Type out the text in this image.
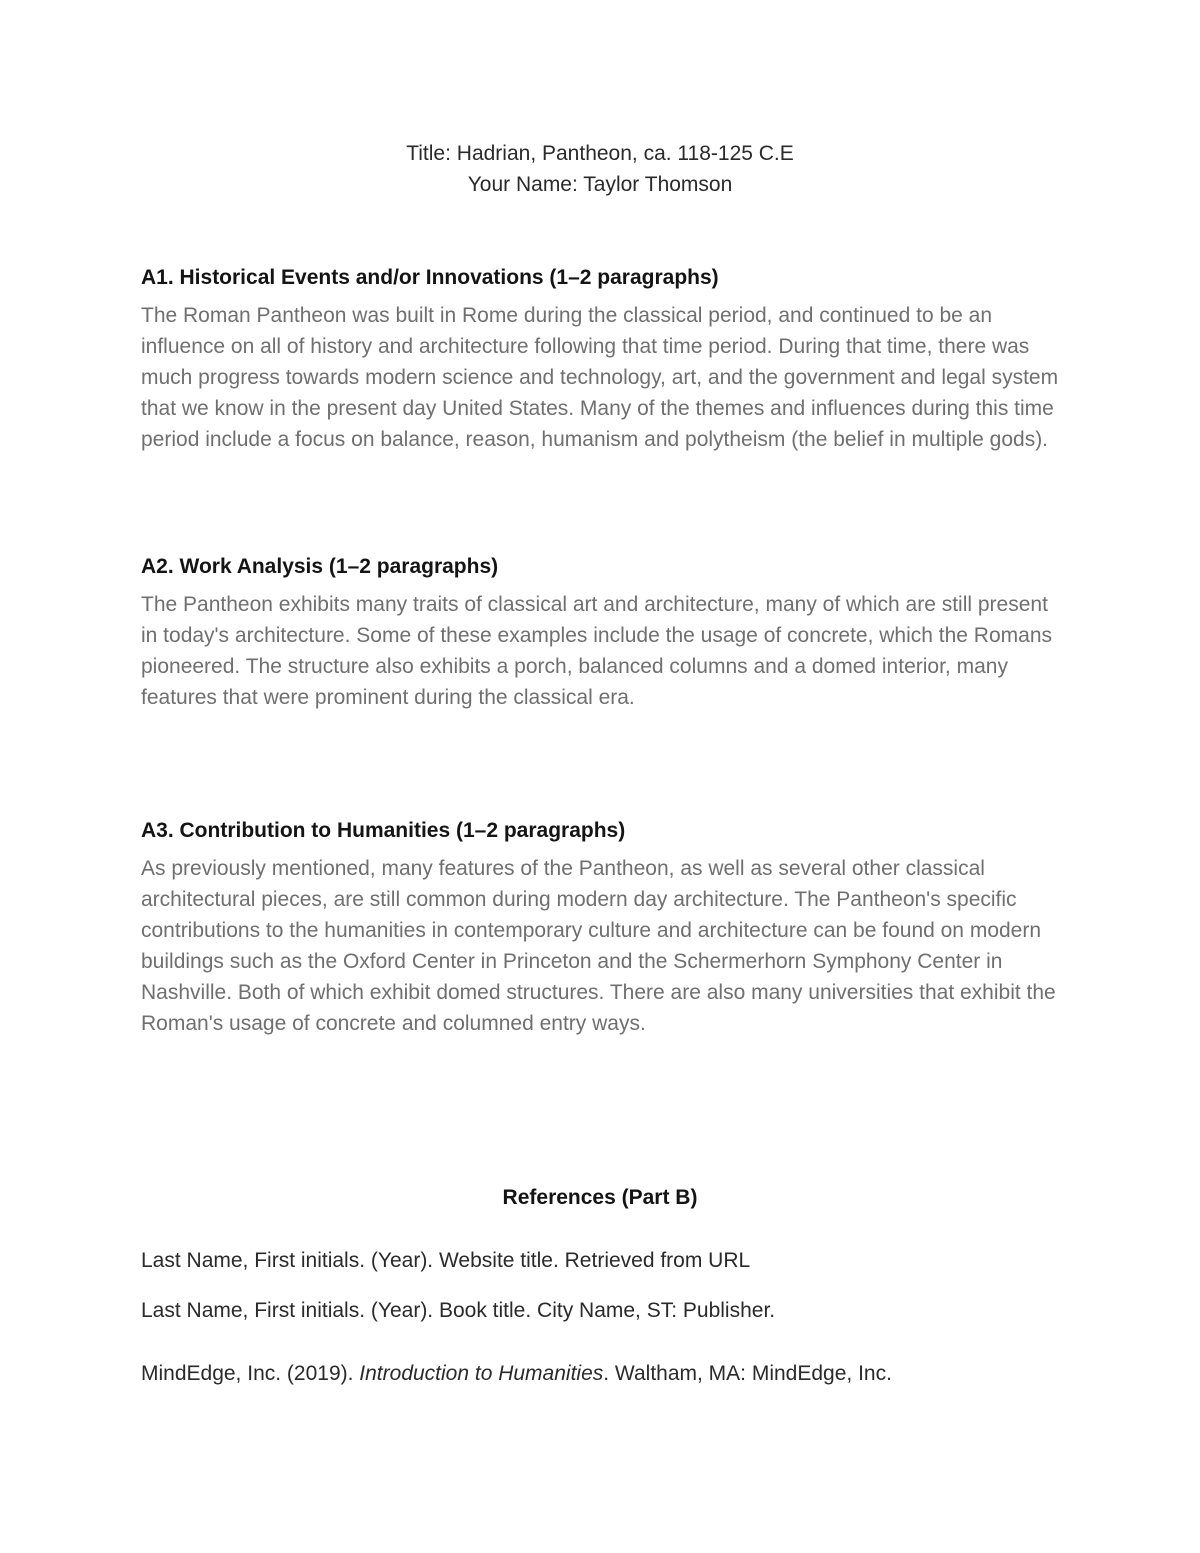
Title: Hadrian, Pantheon, ca. 118-125 C.E
Your Name: Taylor Thomson
A1. Historical Events and/or Innovations (1–2 paragraphs)

The Roman Pantheon was built in Rome during the classical period, and continued to be an influence on all of history and architecture following that time period. During that time, there was much progress towards modern science and technology, art, and the government and legal system that we know in the present day United States. Many of the themes and influences during this time period include a focus on balance, reason, humanism and polytheism (the belief in multiple gods).

A2. Work Analysis (1–2 paragraphs)

The Pantheon exhibits many traits of classical art and architecture, many of which are still present in today's architecture. Some of these examples include the usage of concrete, which the Romans pioneered. The structure also exhibits a porch, balanced columns and a domed interior, many features that were prominent during the classical era.

A3. Contribution to Humanities (1–2 paragraphs)

As previously mentioned, many features of the Pantheon, as well as several other classical architectural pieces, are still common during modern day architecture. The Pantheon's specific contributions to the humanities in contemporary culture and architecture can be found on modern buildings such as the Oxford Center in Princeton and the Schermerhorn Symphony Center in Nashville. Both of which exhibit domed structures. There are also many universities that exhibit the Roman's usage of concrete and columned entry ways.

References (Part B)
Last Name, First initials. (Year). Website title. Retrieved from URL
Last Name, First initials. (Year). Book title. City Name, ST: Publisher.
MindEdge, Inc. (2019). Introduction to Humanities. Waltham, MA: MindEdge, Inc.
